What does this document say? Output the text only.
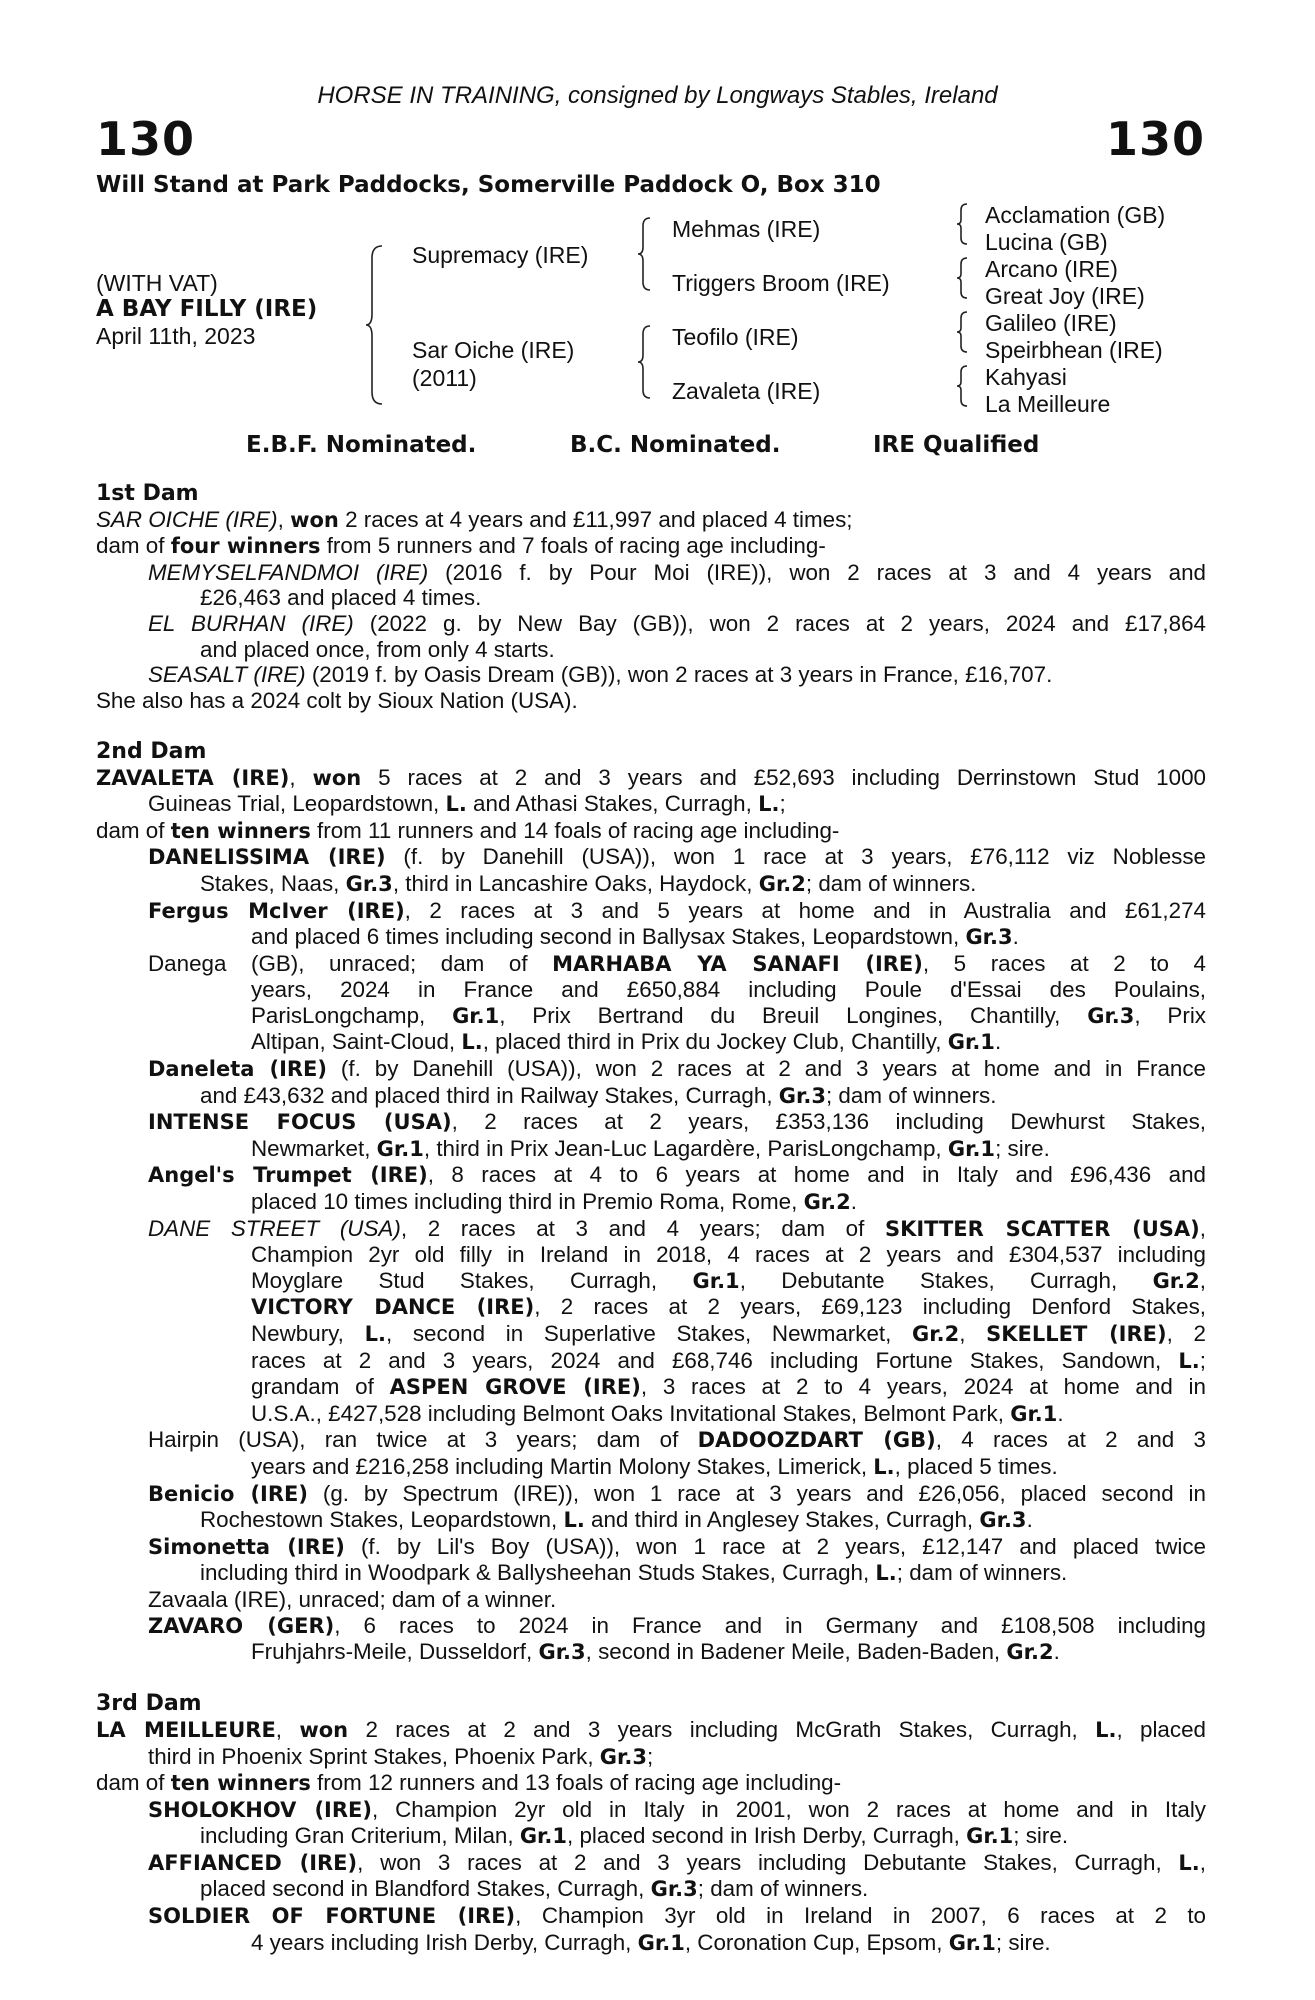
HORSE IN TRAINING, consigned by Longways Stables, Ireland
130	130
Will Stand at Park Paddocks, Somerville Paddock O, Box 310
(WITH VAT)
A BAY FILLY (IRE)
April 11th, 2023
Supremacy (IRE)
Sar Oiche (IRE)
(2011)
Mehmas (IRE)
Triggers Broom (IRE)
Teofilo (IRE)
Zavaleta (IRE)
Acclamation (GB)
Lucina (GB)
Arcano (IRE)
Great Joy (IRE)
Galileo (IRE)
Speirbhean (IRE)
Kahyasi
La Meilleure
E.B.F. Nominated.	B.C. Nominated.	IRE Qualified
1st Dam
SAR OICHE (IRE), won 2 races at 4 years and £11,997 and placed 4 times;
dam of four winners from 5 runners and 7 foals of racing age including-
MEMYSELFANDMOI (IRE) (2016 f. by Pour Moi (IRE)), won 2 races at 3 and 4 years and
£26,463 and placed 4 times.
EL BURHAN (IRE) (2022 g. by New Bay (GB)), won 2 races at 2 years, 2024 and £17,864
and placed once, from only 4 starts.
SEASALT (IRE) (2019 f. by Oasis Dream (GB)), won 2 races at 3 years in France, £16,707.
She also has a 2024 colt by Sioux Nation (USA).
2nd Dam
ZAVALETA (IRE), won 5 races at 2 and 3 years and £52,693 including Derrinstown Stud 1000
Guineas Trial, Leopardstown, L. and Athasi Stakes, Curragh, L.;
dam of ten winners from 11 runners and 14 foals of racing age including-
DANELISSIMA (IRE) (f. by Danehill (USA)), won 1 race at 3 years, £76,112 viz Noblesse
Stakes, Naas, Gr.3, third in Lancashire Oaks, Haydock, Gr.2; dam of winners.
Fergus McIver (IRE), 2 races at 3 and 5 years at home and in Australia and £61,274
and placed 6 times including second in Ballysax Stakes, Leopardstown, Gr.3.
Danega (GB), unraced; dam of MARHABA YA SANAFI (IRE), 5 races at 2 to 4
years, 2024 in France and £650,884 including Poule d'Essai des Poulains,
ParisLongchamp, Gr.1, Prix Bertrand du Breuil Longines, Chantilly, Gr.3, Prix
Altipan, Saint-Cloud, L., placed third in Prix du Jockey Club, Chantilly, Gr.1.
Daneleta (IRE) (f. by Danehill (USA)), won 2 races at 2 and 3 years at home and in France
and £43,632 and placed third in Railway Stakes, Curragh, Gr.3; dam of winners.
INTENSE FOCUS (USA), 2 races at 2 years, £353,136 including Dewhurst Stakes,
Newmarket, Gr.1, third in Prix Jean-Luc Lagardère, ParisLongchamp, Gr.1; sire.
Angel's Trumpet (IRE), 8 races at 4 to 6 years at home and in Italy and £96,436 and
placed 10 times including third in Premio Roma, Rome, Gr.2.
DANE STREET (USA), 2 races at 3 and 4 years; dam of SKITTER SCATTER (USA),
Champion 2yr old filly in Ireland in 2018, 4 races at 2 years and £304,537 including
Moyglare Stud Stakes, Curragh, Gr.1, Debutante Stakes, Curragh, Gr.2,
VICTORY DANCE (IRE), 2 races at 2 years, £69,123 including Denford Stakes,
Newbury, L., second in Superlative Stakes, Newmarket, Gr.2, SKELLET (IRE), 2
races at 2 and 3 years, 2024 and £68,746 including Fortune Stakes, Sandown, L.;
grandam of ASPEN GROVE (IRE), 3 races at 2 to 4 years, 2024 at home and in
U.S.A., £427,528 including Belmont Oaks Invitational Stakes, Belmont Park, Gr.1.
Hairpin (USA), ran twice at 3 years; dam of DADOOZDART (GB), 4 races at 2 and 3
years and £216,258 including Martin Molony Stakes, Limerick, L., placed 5 times.
Benicio (IRE) (g. by Spectrum (IRE)), won 1 race at 3 years and £26,056, placed second in
Rochestown Stakes, Leopardstown, L. and third in Anglesey Stakes, Curragh, Gr.3.
Simonetta (IRE) (f. by Lil's Boy (USA)), won 1 race at 2 years, £12,147 and placed twice
including third in Woodpark & Ballysheehan Studs Stakes, Curragh, L.; dam of winners.
Zavaala (IRE), unraced; dam of a winner.
ZAVARO (GER), 6 races to 2024 in France and in Germany and £108,508 including
Fruhjahrs-Meile, Dusseldorf, Gr.3, second in Badener Meile, Baden-Baden, Gr.2.
3rd Dam
LA MEILLEURE, won 2 races at 2 and 3 years including McGrath Stakes, Curragh, L., placed
third in Phoenix Sprint Stakes, Phoenix Park, Gr.3;
dam of ten winners from 12 runners and 13 foals of racing age including-
SHOLOKHOV (IRE), Champion 2yr old in Italy in 2001, won 2 races at home and in Italy
including Gran Criterium, Milan, Gr.1, placed second in Irish Derby, Curragh, Gr.1; sire.
AFFIANCED (IRE), won 3 races at 2 and 3 years including Debutante Stakes, Curragh, L.,
placed second in Blandford Stakes, Curragh, Gr.3; dam of winners.
SOLDIER OF FORTUNE (IRE), Champion 3yr old in Ireland in 2007, 6 races at 2 to
4 years including Irish Derby, Curragh, Gr.1, Coronation Cup, Epsom, Gr.1; sire.
